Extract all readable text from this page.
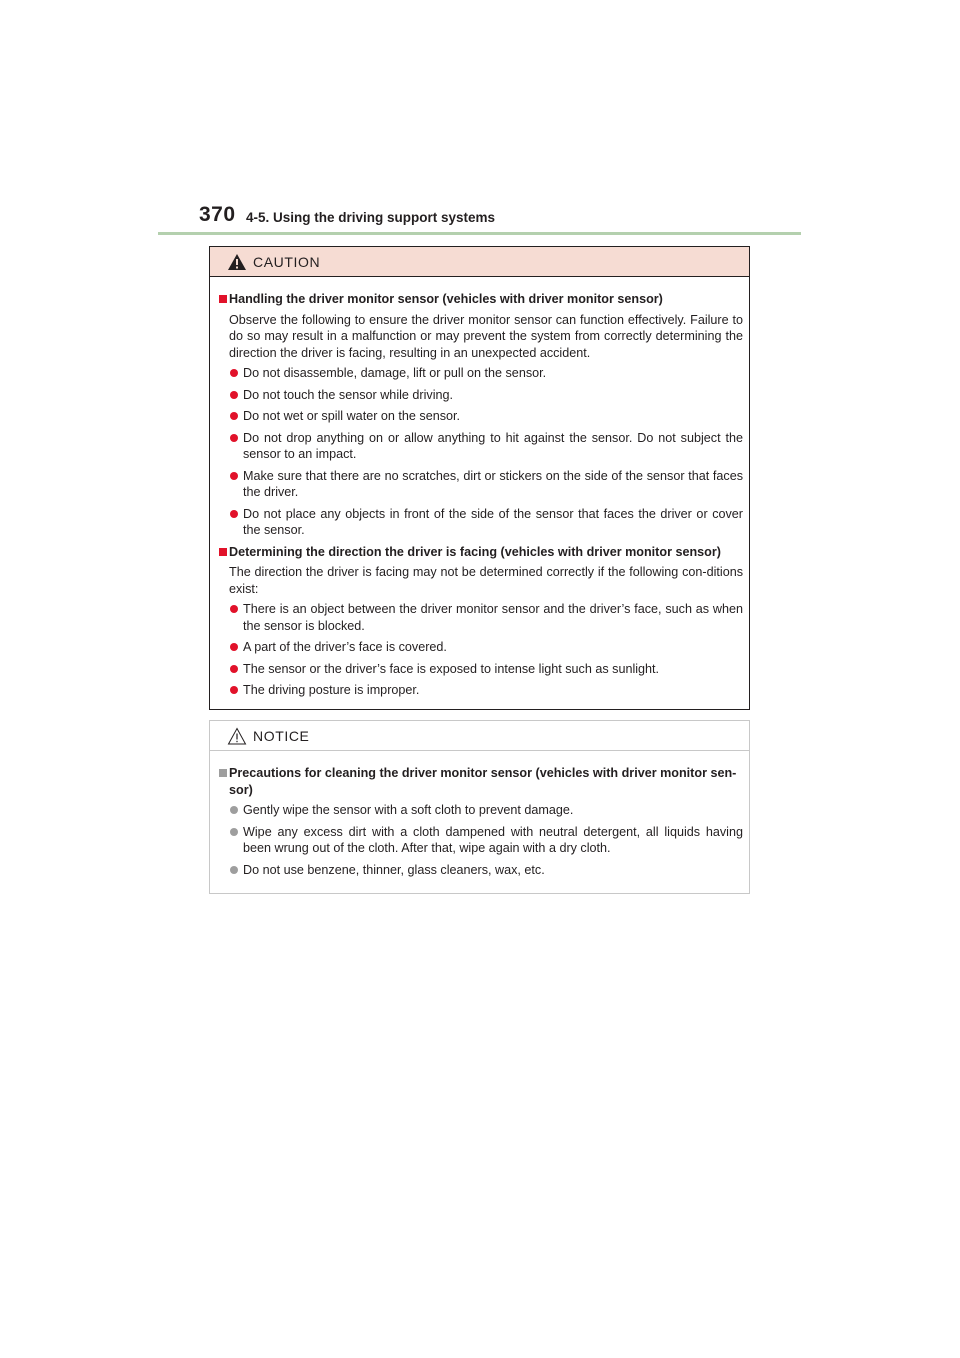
370 4-5. Using the driving support systems
CAUTION
Handling the driver monitor sensor (vehicles with driver monitor sensor)
Observe the following to ensure the driver monitor sensor can function effectively. Failure to do so may result in a malfunction or may prevent the system from correctly determining the direction the driver is facing, resulting in an unexpected accident.
Do not disassemble, damage, lift or pull on the sensor.
Do not touch the sensor while driving.
Do not wet or spill water on the sensor.
Do not drop anything on or allow anything to hit against the sensor. Do not subject the sensor to an impact.
Make sure that there are no scratches, dirt or stickers on the side of the sensor that faces the driver.
Do not place any objects in front of the side of the sensor that faces the driver or cover the sensor.
Determining the direction the driver is facing (vehicles with driver monitor sensor)
The direction the driver is facing may not be determined correctly if the following con-ditions exist:
There is an object between the driver monitor sensor and the driver’s face, such as when the sensor is blocked.
A part of the driver’s face is covered.
The sensor or the driver’s face is exposed to intense light such as sunlight.
The driving posture is improper.
NOTICE
Precautions for cleaning the driver monitor sensor (vehicles with driver monitor sen-sor)
Gently wipe the sensor with a soft cloth to prevent damage.
Wipe any excess dirt with a cloth dampened with neutral detergent, all liquids having been wrung out of the cloth. After that, wipe again with a dry cloth.
Do not use benzene, thinner, glass cleaners, wax, etc.
